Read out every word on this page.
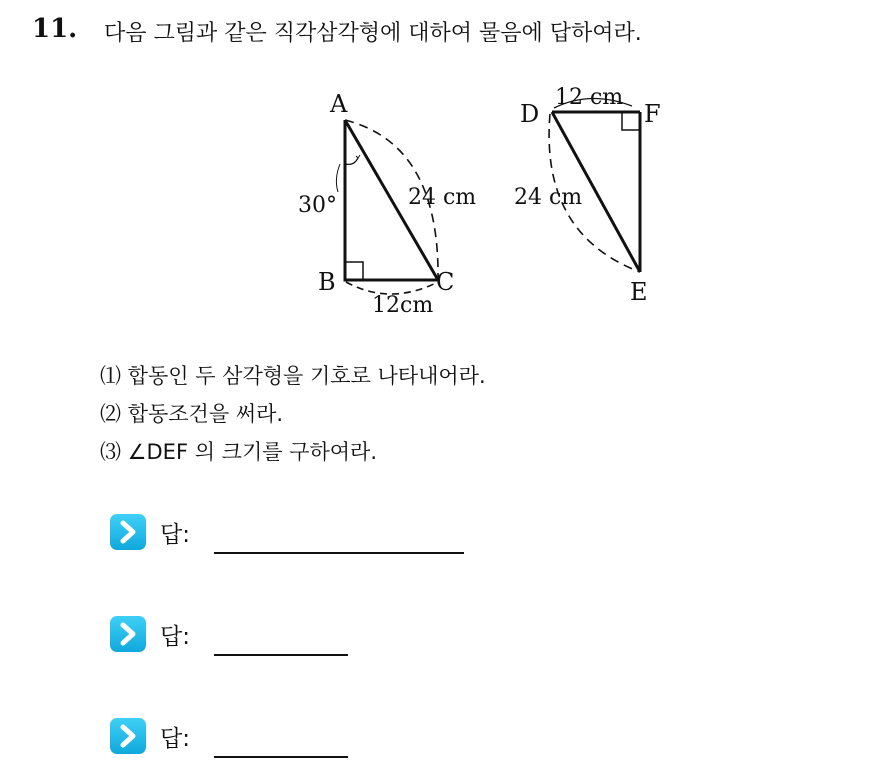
11. 다음 그림과 같은 직각삼각형에 대하여 물음에 답하여라.
A
B	C
30°	24 cm
12cm
D	F
E
12 cm
24 cm
⑴ 합동인 두 삼각형을 기호로 나타내어라.
⑵ 합동조건을 써라.
⑶ ∠DEF 의 크기를 구하여라.
답:
답:
답:
